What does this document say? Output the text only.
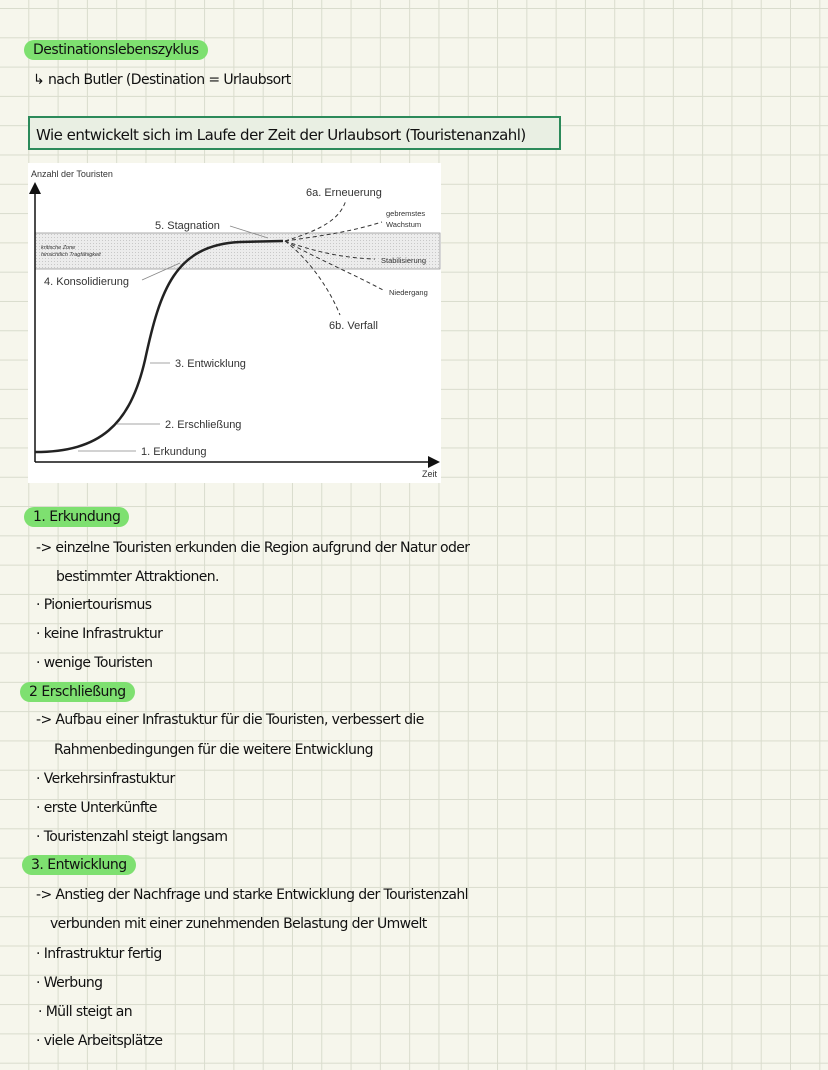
Destinationslebenszyklus
↳ nach Butler (Destination = Urlaubsort
Wie entwickelt sich im Laufe der Zeit der Urlaubsort (Touristenanzahl)
Anzahl der Touristen
Zeit
kritische Zone
hinsichtlich Tragfähigkeit
6a. Erneuerung
gebremstes
Wachstum
5. Stagnation
Stabilisierung
4. Konsolidierung
Niedergang
6b. Verfall
3. Entwicklung
2. Erschließung
1. Erkundung
1. Erkundung
-> einzelne Touristen erkunden die Region aufgrund der Natur oder
bestimmter Attraktionen.
· Pioniertourismus
· keine Infrastruktur
· wenige Touristen
2 Erschließung
-> Aufbau einer Infrastuktur für die Touristen, verbessert die
Rahmenbedingungen für die weitere Entwicklung
· Verkehrsinfrastuktur
· erste Unterkünfte
· Touristenzahl steigt langsam
3. Entwicklung
-> Anstieg der Nachfrage und starke Entwicklung der Touristenzahl
verbunden mit einer zunehmenden Belastung der Umwelt
· Infrastruktur fertig
· Werbung
· Müll steigt an
· viele Arbeitsplätze
